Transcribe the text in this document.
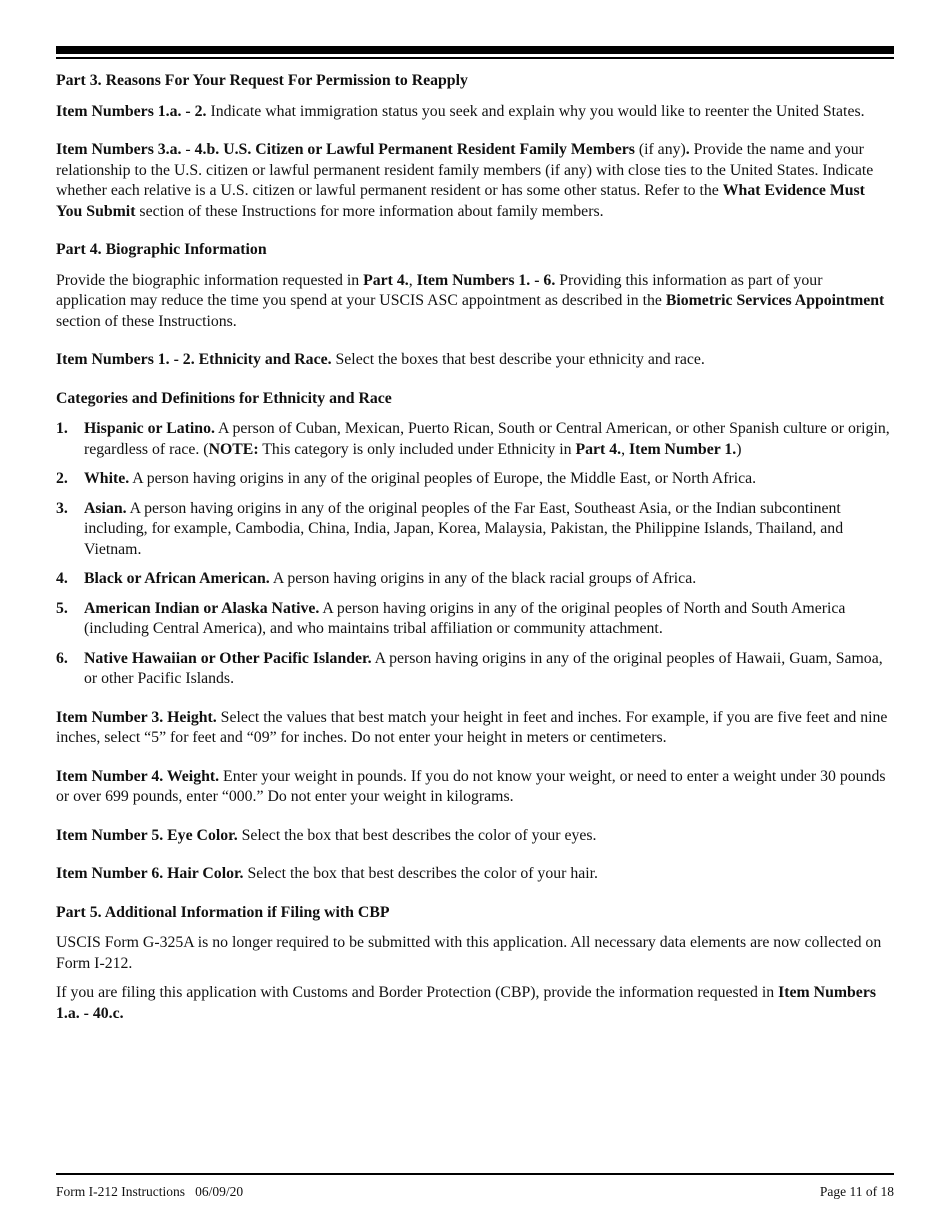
Part 3. Reasons For Your Request For Permission to Reapply

Item Numbers 1.a. - 2. Indicate what immigration status you seek and explain why you would like to reenter the United States.

Item Numbers 3.a. - 4.b. U.S. Citizen or Lawful Permanent Resident Family Members (if any). Provide the name and your relationship to the U.S. citizen or lawful permanent resident family members (if any) with close ties to the United States. Indicate whether each relative is a U.S. citizen or lawful permanent resident or has some other status. Refer to the What Evidence Must You Submit section of these Instructions for more information about family members.

Part 4. Biographic Information

Provide the biographic information requested in Part 4., Item Numbers 1. - 6. Providing this information as part of your application may reduce the time you spend at your USCIS ASC appointment as described in the Biometric Services Appointment section of these Instructions.

Item Numbers 1. - 2. Ethnicity and Race. Select the boxes that best describe your ethnicity and race.

Categories and Definitions for Ethnicity and Race
1. Hispanic or Latino. A person of Cuban, Mexican, Puerto Rican, South or Central American, or other Spanish culture or origin, regardless of race. (NOTE: This category is only included under Ethnicity in Part 4., Item Number 1.)
2. White. A person having origins in any of the original peoples of Europe, the Middle East, or North Africa.
3. Asian. A person having origins in any of the original peoples of the Far East, Southeast Asia, or the Indian subcontinent including, for example, Cambodia, China, India, Japan, Korea, Malaysia, Pakistan, the Philippine Islands, Thailand, and Vietnam.
4. Black or African American. A person having origins in any of the black racial groups of Africa.
5. American Indian or Alaska Native. A person having origins in any of the original peoples of North and South America (including Central America), and who maintains tribal affiliation or community attachment.
6. Native Hawaiian or Other Pacific Islander. A person having origins in any of the original peoples of Hawaii, Guam, Samoa, or other Pacific Islands.

Item Number 3. Height. Select the values that best match your height in feet and inches. For example, if you are five feet and nine inches, select “5” for feet and “09” for inches. Do not enter your height in meters or centimeters.

Item Number 4. Weight. Enter your weight in pounds. If you do not know your weight, or need to enter a weight under 30 pounds or over 699 pounds, enter “000.” Do not enter your weight in kilograms.

Item Number 5. Eye Color. Select the box that best describes the color of your eyes.

Item Number 6. Hair Color. Select the box that best describes the color of your hair.

Part 5. Additional Information if Filing with CBP

USCIS Form G-325A is no longer required to be submitted with this application. All necessary data elements are now collected on Form I-212.

If you are filing this application with Customs and Border Protection (CBP), provide the information requested in Item Numbers 1.a. - 40.c.

Form I-212 Instructions   06/09/20	Page 11 of 18
